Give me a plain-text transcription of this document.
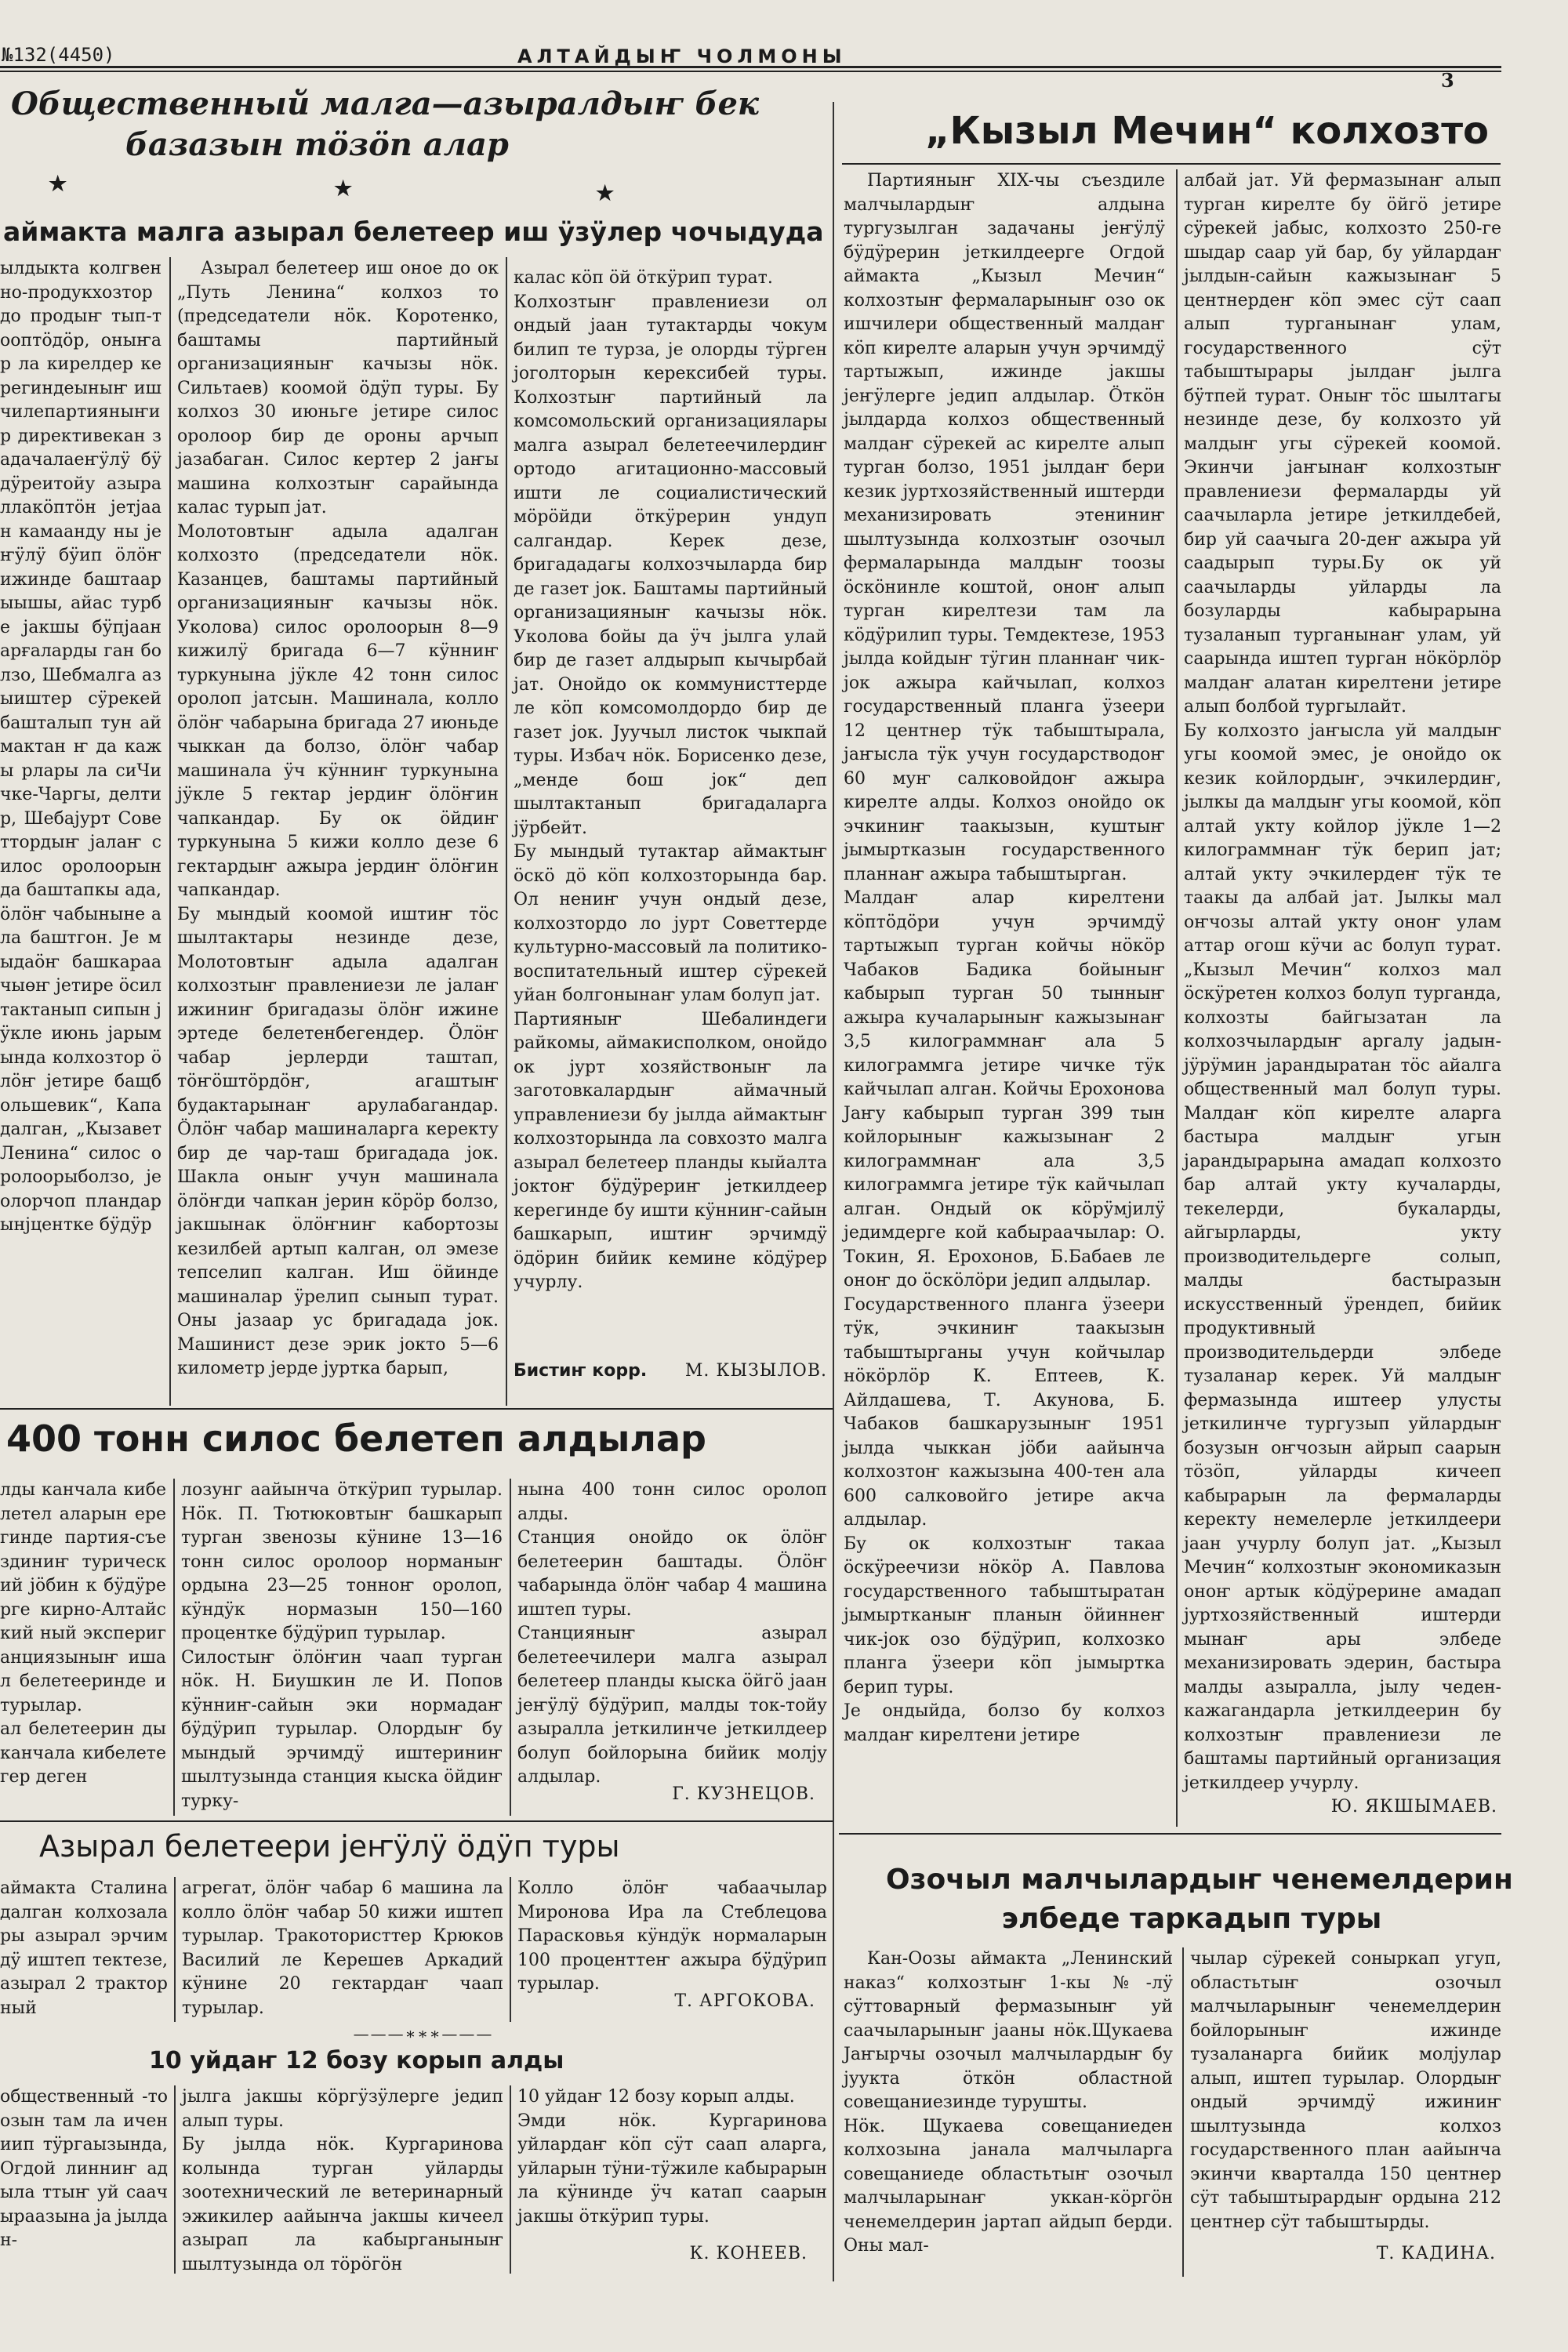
№132(4450)	АЛТАЙДЫҤ ЧОЛМОНЫ
3
Общественный малга—азыралдыҥ бек
базазын тӧзӧп алар
★	★	★
аймакта малга азырал белетеер иш ӱзӱлер чочыдуда

ылдыкта колгвенно-продукхозтордо продыҥ тып-тооптӧдӧр, оныҥар ла кирелдер керегиндеыныҥ ишчилепартияныҥир директивекан задачалаеҥӱлӱ бӱдӱреитойу азыраллакӧптӧн јетјаан камаанду ны јеҥӱлӱ бӱип ӧлӧҥ ижинде баштаарыышы, айас турбе јакшы бӱпјаан арғаларды ган болзо, Шебмалга азыиштер сӱрекей башталып тун аймактан ҥ да кажы рлары ла сиЧичке-Чаргы, делтир, Шебајурт Советтордыҥ јалаҥ силос оролоорын да баштапкы ада, ӧлӧҥ чабыныне ала баштгон. Је мыдаӧҥ башкараачыөҥ јетире ӧсилтактанып сипын јӱкле июнь јарымында колхозтор ӧлӧҥ јетире бащбольшевик“, Кападалган, „Кызавет Ленина“ силос оролоорыболзо, је олорчоп пландарынјцентке бӱдӱр

Азырал белетеер иш оное до ок „Путь Ленина“ колхоз то (председатели нӧк. Коротенко, баштамы партийный организацияныҥ качызы нӧк. Сильтаев) коомой ӧдӱп туры. Бу колхоз 30 июньге јетире силос оролоор бир де ороны арчып јазабаган. Силос кертер 2 јаҥы машина колхозтыҥ сарайында калас турып јат.
Молотовтыҥ адыла адалган колхозто (председатели нӧк. Казанцев, баштамы партийный организацияныҥ качызы нӧк. Уколова) силос оролоорын 8—9 кижилӱ бригада 6—7 кӱнниҥ туркунына јӱкле 42 тонн силос оролоп јатсын. Машинала, колло ӧлӧҥ чабарына бригада 27 июньде чыккан да болзо, ӧлӧҥ чабар машинала ӱч кӱнниҥ туркунына јӱкле 5 гектар јердиҥ ӧлӧҥин чапкандар. Бу ок ӧйдиҥ туркунына 5 кижи колло дезе 6 гектардыҥ ажыра јердиҥ ӧлӧҥин чапкандар.
Бу мындый коомой иштиҥ тӧс шылтактары незинде дезе, Молотовтыҥ адыла адалган колхозтыҥ правлениези ле јалаҥ ижиниҥ бригадазы ӧлӧҥ ижине эртеде белетенбегендер. Ӧлӧҥ чабар јерлерди таштап, тӧҥӧштӧрдӧҥ, агаштыҥ будактарынаҥ арулабагандар. Ӧлӧҥ чабар машиналарга керекту бир де чар-таш бригадада јок. Шакла оныҥ учун машинала ӧлӧҥди чапкан јерин кӧрӧр болзо, јакшынак ӧлӧҥниҥ кабортозы кезилбей артып калган, ол эмезе тепселип калган. Иш ӧйинде машиналар ӱрелип сынып турат. Оны јазаар ус бригадада јок. Машинист дезе эрик јокто 5—6 километр јерде јуртка барып,

калас кӧп ӧй ӧткӱрип турат.
Колхозтыҥ правлениези ол ондый јаан тутактарды чокум билип те турза, је олорды тӱрген јоголторын керексибей туры. Колхозтыҥ партийный ла комсомольский организациялары малга азырал белетеечилердиҥ ортодо агитационно-массовый ишти ле социалистический мӧрӧйди ӧткӱрерин ундуп салгандар. Керек дезе, бригададагы колхозчыларда бир де газет јок. Баштамы партийный организацияныҥ качызы нӧк. Уколова бойы да ӱч јылга улай бир де газет алдырып кычырбай јат. Онойдо ок коммунисттерде ле кӧп комсомолдордо бир де газет јок. Јуучыл листок чыкпай туры. Избач нӧк. Борисенко дезе, „менде бош јок“ деп шылтактанып бригадаларга јӱрбейт.
Бу мындый тутактар аймактыҥ ӧскӧ дӧ кӧп колхозторында бар. Ол нениҥ учун ондый дезе, колхозтордо ло јурт Советтерде культурно-массовый ла политико-воспитательный иштер сӱрекей уйан болгонынаҥ улам болуп јат.
Партияныҥ Шебалиндеги райкомы, аймакисполком, онойдо ок јурт хозяйствоныҥ ла заготовкалардыҥ аймачный управлениези бу јылда аймактыҥ колхозторында ла совхозто малга азырал белетеер планды кыйалта јоктоҥ бӱдӱрериҥ јеткилдеер керегинде бу ишти кӱнниҥ-сайын башкарып, иштиҥ эрчимдӱ ӧдӧрин бийик кемине кӧдӱрер учурлу.

Бистиҥ корр. М. КЫЗЫЛОВ.
400 тонн силос белетеп алдылар

лды канчала кибелетел аларын ерегинде партия-съездиниҥ турический јӧбин к бӱдӱрерге кирно-Алтайский ный экспериганциязыныҥ ишал белетееринде и турылар.
ал белетеерин ды канчала кибелетегер деген

лозунг аайынча ӧткӱрип турылар. Нӧк. П. Тютюковтыҥ башкарып турган звенозы кӱнине 13—16 тонн силос оролоор норманыҥ ордына 23—25 тонноҥ оролоп, кӱндӱк нормазын 150—160 процентке бӱдӱрип турылар.
Силостыҥ ӧлӧҥин чаап турган нӧк. Н. Биушкин ле И. Попов кӱнниҥ-сайын эки нормадаҥ бӱдӱрип турылар. Олордыҥ бу мындый эрчимдӱ иштериниҥ шылтузында станция кыска ӧйдиҥ турку-

нына 400 тонн силос оролоп алды.
Станция онойдо ок ӧлӧҥ белетеерин баштады. Ӧлӧҥ чабарында ӧлӧҥ чабар 4 машина иштеп туры.
Станцияныҥ азырал белетеечилери малга азырал белетеер планды кыска ӧйгӧ јаан јеҥӱлӱ бӱдӱрип, малды ток-тойу азыралла јеткилинче јеткилдеер болуп бойлорына бийик молју алдылар.

Г. КУЗНЕЦОВ.
Азырал белетеери јеҥӱлӱ ӧдӱп туры

аймакта Сталинадалган колхозалары азырал эрчимдӱ иштеп тектезе, азырал 2 тракторный

агрегат, ӧлӧҥ чабар 6 машина ла колло ӧлӧҥ чабар 50 кижи иштеп турылар. Тракотористтер Крюков Василий ле Керешев Аркадий кӱнине 20 гектардаҥ чаап турылар.

Колло ӧлӧҥ чабаачылар Миронова Ира ла Стеблецова Парасковья кӱндӱк нормаларын 100 проценттеҥ ажыра бӱдӱрип турылар.

Т. АРГОКОВА.
———∗∗∗———
10 уйдаҥ 12 бозу корып алды

общественный -тоозын там ла ичениип тӱргаызында, Огдой линниҥ адыла ттыҥ уй саачыраазына ја јылдан-

јылга јакшы кӧргӱзӱлерге једип алып туры.
Бу јылда нӧк. Кургаринова колында турган уйларды зоотехнический ле ветеринарный эжикилер аайынча јакшы кичеел азырап ла кабырганыныҥ шылтузында ол тӧрӧгӧн

10 уйдаҥ 12 бозу корып алды.
Эмди нӧк. Кургаринова уйлардаҥ кӧп сӱт саап аларга, уйларын тӱни-тӱжиле кабырарын ла кӱнинде ӱч катап саарын јакшы ӧткӱрип туры.

К. КОНЕЕВ.
„Кызыл Мечин“ колхозто

Партияныҥ XIX-чы съездиле малчылардыҥ алдына тургузылган задачаны јеҥӱлӱ бӱдӱрерин јеткилдеерге Огдой аймакта „Кызыл Мечин“ колхозтыҥ фермаларыныҥ озо ок ишчилери общественный малдаҥ кӧп кирелте аларын учун эрчимдӱ тартыжып, ижинде јакшы јеҥӱлерге једип алдылар. Ӧткӧн јылдарда колхоз общественный малдаҥ сӱрекей ас кирелте алып турган болзо, 1951 јылдаҥ бери кезик јуртхозяйственный иштерди механизировать этениниҥ шылтузында колхозтыҥ озочыл фермаларында малдыҥ тоозы ӧскӧнинле коштой, оноҥ алып турган кирелтези там ла кӧдӱрилип туры. Темдектезе, 1953 јылда койдыҥ тӱгин планнаҥ чик-јок ажыра кайчылап, колхоз государственный планга ӱзеери 12 центнер тӱк табыштырала, јаҥысла тӱк учун государстводоҥ 60 муҥ салковойдоҥ ажыра кирелте алды. Колхоз онойдо ок эчкиниҥ таакызын, куштыҥ јымыртказын государственного планнаҥ ажыра табыштырган.
Малдаҥ алар кирелтени кӧптӧдӧри учун эрчимдӱ тартыжып турган койчы нӧкӧр Чабаков Бадика бойыныҥ кабырып турган 50 тынныҥ ажыра кучаларыныҥ кажызынаҥ 3,5 килограммнаҥ ала 5 килограммга јетире чичке тӱк кайчылап алган. Койчы Ерохонова Јаҥу кабырып турган 399 тын койлорыныҥ кажызынаҥ 2 килограммнаҥ ала 3,5 килограммга јетире тӱк кайчылап алган. Ондый ок кӧрӱмјилӱ једимдерге кой кабыраачылар: О. Токин, Я. Ерохонов, Б.Бабаев ле оноҥ до ӧскӧлӧри једип алдылар.
Государственного планга ӱзеери тӱк, эчкиниҥ таакызын табыштырганы учун койчылар нӧкӧрлӧр К. Ептеев, К. Айлдашева, Т. Акунова, Б. Чабаков башкарузыныҥ 1951 јылда чыккан јӧби аайынча колхозтоҥ кажызына 400-тен ала 600 салковойго јетире акча алдылар.
Бу ок колхозтыҥ такаа ӧскӱреечизи нӧкӧр А. Павлова государственного табыштыратан јымыртканыҥ планын ӧйиннеҥ чик-јок озо бӱдӱрип, колхозко планга ӱзеери кӧп јымыртка берип туры.
Је ондыйда, болзо бу колхоз малдаҥ кирелтени јетире

албай јат. Уй фермазынаҥ алып турган кирелте бу ӧйгӧ јетире сӱрекей јабыс, колхозто 250-ге шыдар саар уй бар, бу уйлардаҥ јылдын-сайын кажызынаҥ 5 центнердеҥ кӧп эмес сӱт саап алып турганынаҥ улам, государственного сӱт табыштырары јылдаҥ јылга бӱтпей турат. Оныҥ тӧс шылтагы незинде дезе, бу колхозто уй малдыҥ угы сӱрекей коомой. Экинчи јаҥынаҥ колхозтыҥ правлениези фермаларды уй саачыларла јетире јеткилдебей, бир уй саачыга 20-деҥ ажыра уй саадырып туры.Бу ок уй саачыларды уйларды ла бозуларды кабырарына тузаланып турганынаҥ улам, уй саарында иштеп турган нӧкӧрлӧр малдаҥ алатан кирелтени јетире алып болбой тургылайт.
Бу колхозто јаҥысла уй малдыҥ угы коомой эмес, је онойдо ок кезик койлордыҥ, эчкилердиҥ, јылкы да малдыҥ угы коомой, кӧп алтай укту койлор јӱкле 1—2 килограммнаҥ тӱк берип јат; алтай укту эчкилердеҥ тӱк те таакы да албай јат. Јылкы мал оҥчозы алтай укту оноҥ улам аттар огош кӱчи ас болуп турат. „Кызыл Мечин“ колхоз мал ӧскӱретен колхоз болуп турганда, колхозты байгызатан ла колхозчылардыҥ аргалу јадын-јӱрӱмин јарандыратан тӧс айалга общественный мал болуп туры. Малдаҥ кӧп кирелте аларга бастыра малдыҥ угын јарандырарына амадап колхозто бар алтай укту кучаларды, текелерди, букаларды, айгырларды, укту производительдерге солып, малды бастыразын искусственный ӱрендеп, бийик продуктивный производительдерди элбеде тузаланар керек. Уй малдыҥ фермазында иштеер улусты јеткилинче тургузып уйлардыҥ бозузын оҥчозын айрып саарын тӧзӧп, уйларды кичееп кабырарын ла фермаларды керекту немелерле јеткилдеери јаан учурлу болуп јат. „Кызыл Мечин“ колхозтыҥ экономиказын оноҥ артык кӧдӱрерине амадап јуртхозяйственный иштерди мынаҥ ары элбеде механизировать эдерин, бастыра малды азыралла, јылу чеден-кажагандарла јеткилдеерин бу колхозтыҥ правлениези ле баштамы партийный организация јеткилдеер учурлу.

Ю. ЯКШЫМАЕВ.
Озочыл малчылардыҥ ченемелдерин
элбеде таркадып туры

Кан-Оозы аймакта „Ленинский наказ“ колхозтыҥ 1-кы №-лӱ сӱттоварный фермазыныҥ уй саачыларыныҥ јааны нӧк.Щукаева Јаҥырчы озочыл малчылардыҥ бу јуукта ӧткӧн областной совещаниезинде турушты.
Нӧк. Щукаева совещаниеден колхозына јанала малчыларга совещаниеде областьтыҥ озочыл малчыларынаҥ уккан-кӧргӧн ченемелдерин јартап айдып берди. Оны мал-

чылар сӱрекей соныркап угуп, областьтыҥ озочыл малчыларыныҥ ченемелдерин бойлорыныҥ ижинде тузаланарга бийик молјулар алып, иштеп турылар. Олордыҥ ондый эрчимдӱ ижиниҥ шылтузында колхоз государственного план аайынча экинчи кварталда 150 центнер сӱт табыштырардыҥ ордына 212 центнер сӱт табыштырды.

Т. КАДИНА.
